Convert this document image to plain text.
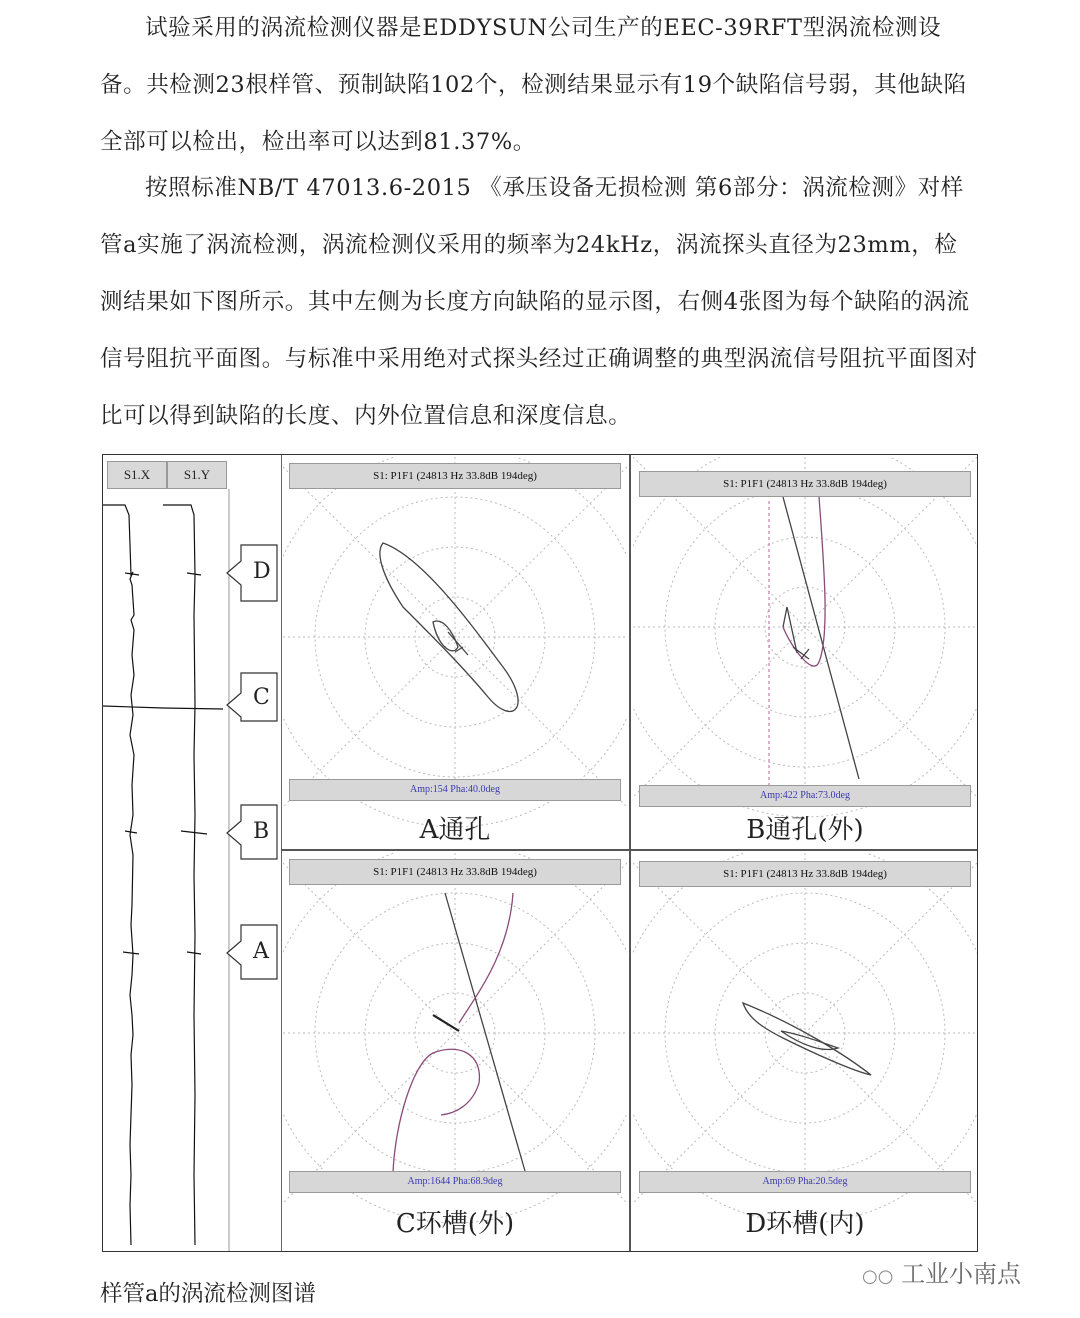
试验采用的涡流检测仪器是EDDYSUN公司生产的EEC-39RFT型涡流检测设备。共检测23根样管、预制缺陷102个，检测结果显示有19个缺陷信号弱，其他缺陷全部可以检出，检出率可以达到81.37%。

按照标准NB/T 47013.6-2015 《承压设备无损检测 第6部分：涡流检测》对样管a实施了涡流检测，涡流检测仪采用的频率为24kHz，涡流探头直径为23mm，检测结果如下图所示。其中左侧为长度方向缺陷的显示图，右侧4张图为每个缺陷的涡流信号阻抗平面图。与标准中采用绝对式探头经过正确调整的典型涡流信号阻抗平面图对比可以得到缺陷的长度、内外位置信息和深度信息。

S1.X	S1.Y
D
C
B
A
S1: P1F1 (24813 Hz 33.8dB 194deg)
Amp:154 Pha:40.0deg
A通孔
S1: P1F1 (24813 Hz 33.8dB 194deg)
Amp:422 Pha:73.0deg
B通孔(外)
S1: P1F1 (24813 Hz 33.8dB 194deg)
Amp:1644 Pha:68.9deg
C环槽(外)
S1: P1F1 (24813 Hz 33.8dB 194deg)
Amp:69 Pha:20.5deg
D环槽(内)
样管a的涡流检测图谱
○○ 工业小南点
